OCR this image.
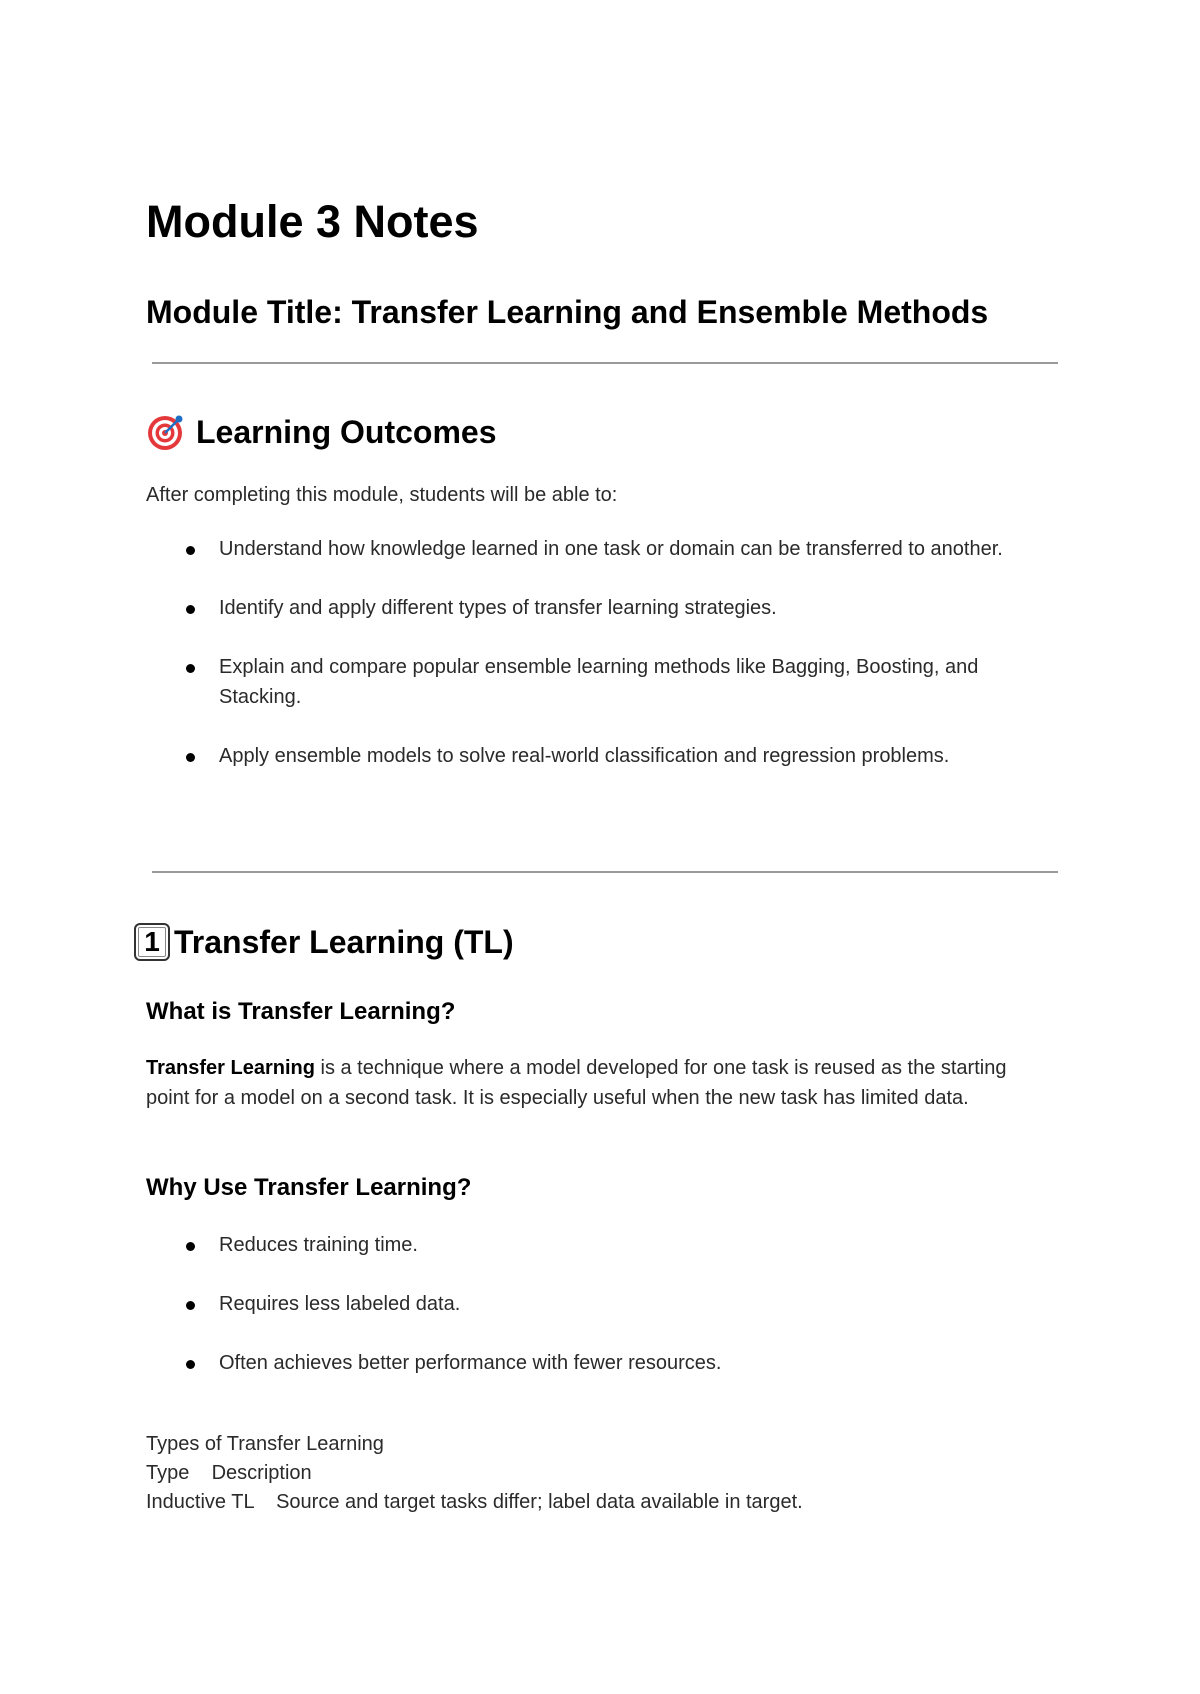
Module 3 Notes
Module Title: Transfer Learning and Ensemble Methods
Learning Outcomes

After completing this module, students will be able to:

Understand how knowledge learned in one task or domain can be transferred to another.
Identify and apply different types of transfer learning strategies.
Explain and compare popular ensemble learning methods like Bagging, Boosting, and Stacking.
Apply ensemble models to solve real-world classification and regression problems.
1 Transfer Learning (TL)
What is Transfer Learning?

Transfer Learning is a technique where a model developed for one task is reused as the starting point for a model on a second task. It is especially useful when the new task has limited data.

Why Use Transfer Learning?
Reduces training time.
Requires less labeled data.
Often achieves better performance with fewer resources.
Types of Transfer Learning
Type Description
Inductive TL Source and target tasks differ; label data available in target.
